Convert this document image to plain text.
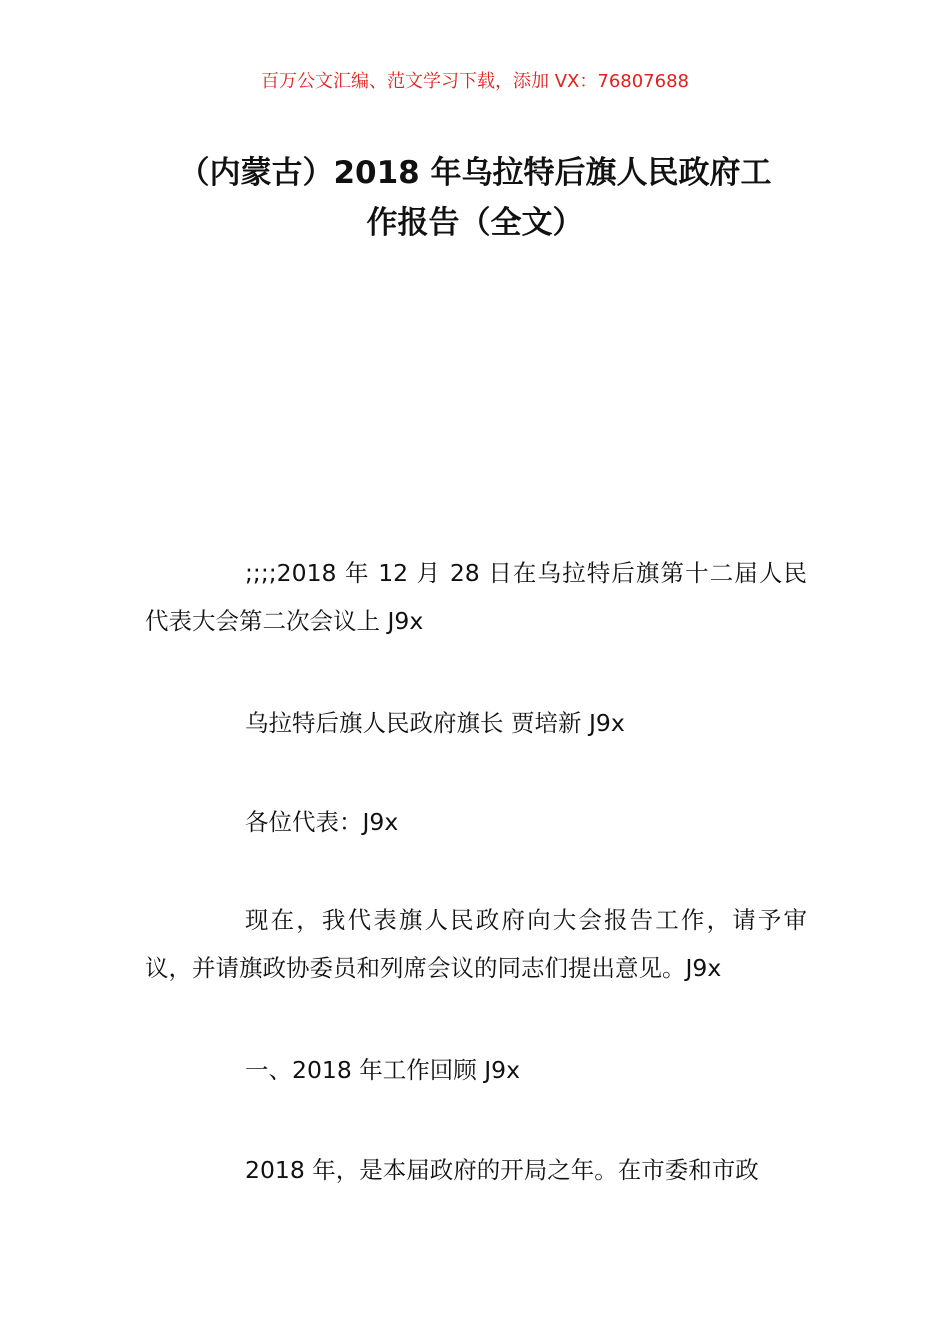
百万公文汇编、范文学习下载，添加 VX：76807688
（内蒙古）2018 年乌拉特后旗人民政府工
作报告（全文）

;;;;2018 年 12 月 28 日在乌拉特后旗第十二届人民代表大会第二次会议上 J9x

乌拉特后旗人民政府旗长 贾培新 J9x

各位代表：J9x

现在，我代表旗人民政府向大会报告工作，请予审议，并请旗政协委员和列席会议的同志们提出意见。J9x

一、2018 年工作回顾 J9x

2018 年，是本届政府的开局之年。在市委和市政
